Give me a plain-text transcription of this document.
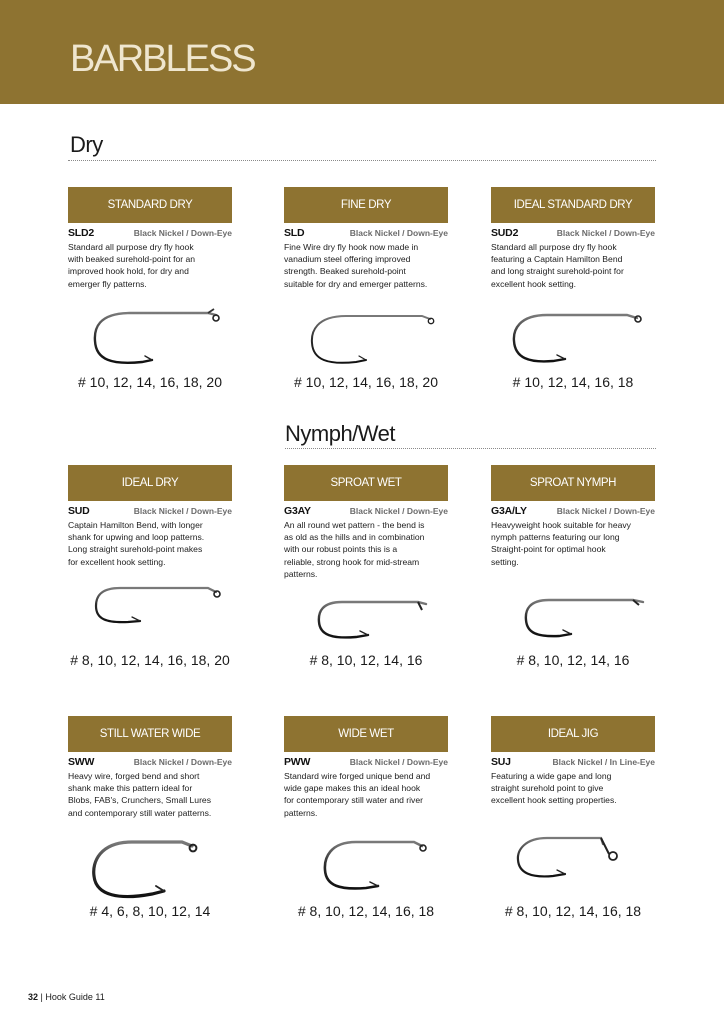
BARBLESS
Dry
Nymph/Wet
STANDARD DRY
SLD2	Black Nickel / Down-Eye

Standard all purpose dry fly hook
with beaked surehold-point for an
improved hook hold, for dry and
emerger fly patterns.

# 10, 12, 14, 16, 18, 20
FINE DRY
SLD	Black Nickel / Down-Eye

Fine Wire dry fly hook now made in
vanadium steel offering improved
strength. Beaked surehold-point
suitable for dry and emerger patterns.

# 10, 12, 14, 16, 18, 20
IDEAL STANDARD DRY
SUD2	Black Nickel / Down-Eye

Standard all purpose dry fly hook
featuring a Captain Hamilton Bend
and long straight surehold-point for
excellent hook setting.

# 10, 12, 14, 16, 18
IDEAL DRY
SUD	Black Nickel / Down-Eye

Captain Hamilton Bend, with longer
shank for upwing and loop patterns.
Long straight surehold-point makes
for excellent hook setting.

# 8, 10, 12, 14, 16, 18, 20
SPROAT WET
G3AY	Black Nickel / Down-Eye

An all round wet pattern - the bend is
as old as the hills and in combination
with our robust points this is a
reliable, strong hook for mid-stream
patterns.

# 8, 10, 12, 14, 16
SPROAT NYMPH
G3A/LY	Black Nickel / Down-Eye

Heavyweight hook suitable for heavy
nymph patterns featuring our long
Straight-point for optimal hook
setting.

# 8, 10, 12, 14, 16
STILL WATER WIDE
SWW	Black Nickel / Down-Eye

Heavy wire, forged bend and short
shank make this pattern ideal for
Blobs, FAB's, Crunchers, Small Lures
and contemporary still water patterns.

# 4, 6, 8, 10, 12, 14
WIDE WET
PWW	Black Nickel / Down-Eye

Standard wire forged unique bend and
wide gape makes this an ideal hook
for contemporary still water and river
patterns.

# 8, 10, 12, 14, 16, 18
IDEAL JIG
SUJ	Black Nickel / In Line-Eye

Featuring a wide gape and long
straight surehold point to give
excellent hook setting properties.

# 8, 10, 12, 14, 16, 18
32 | Hook Guide 11
